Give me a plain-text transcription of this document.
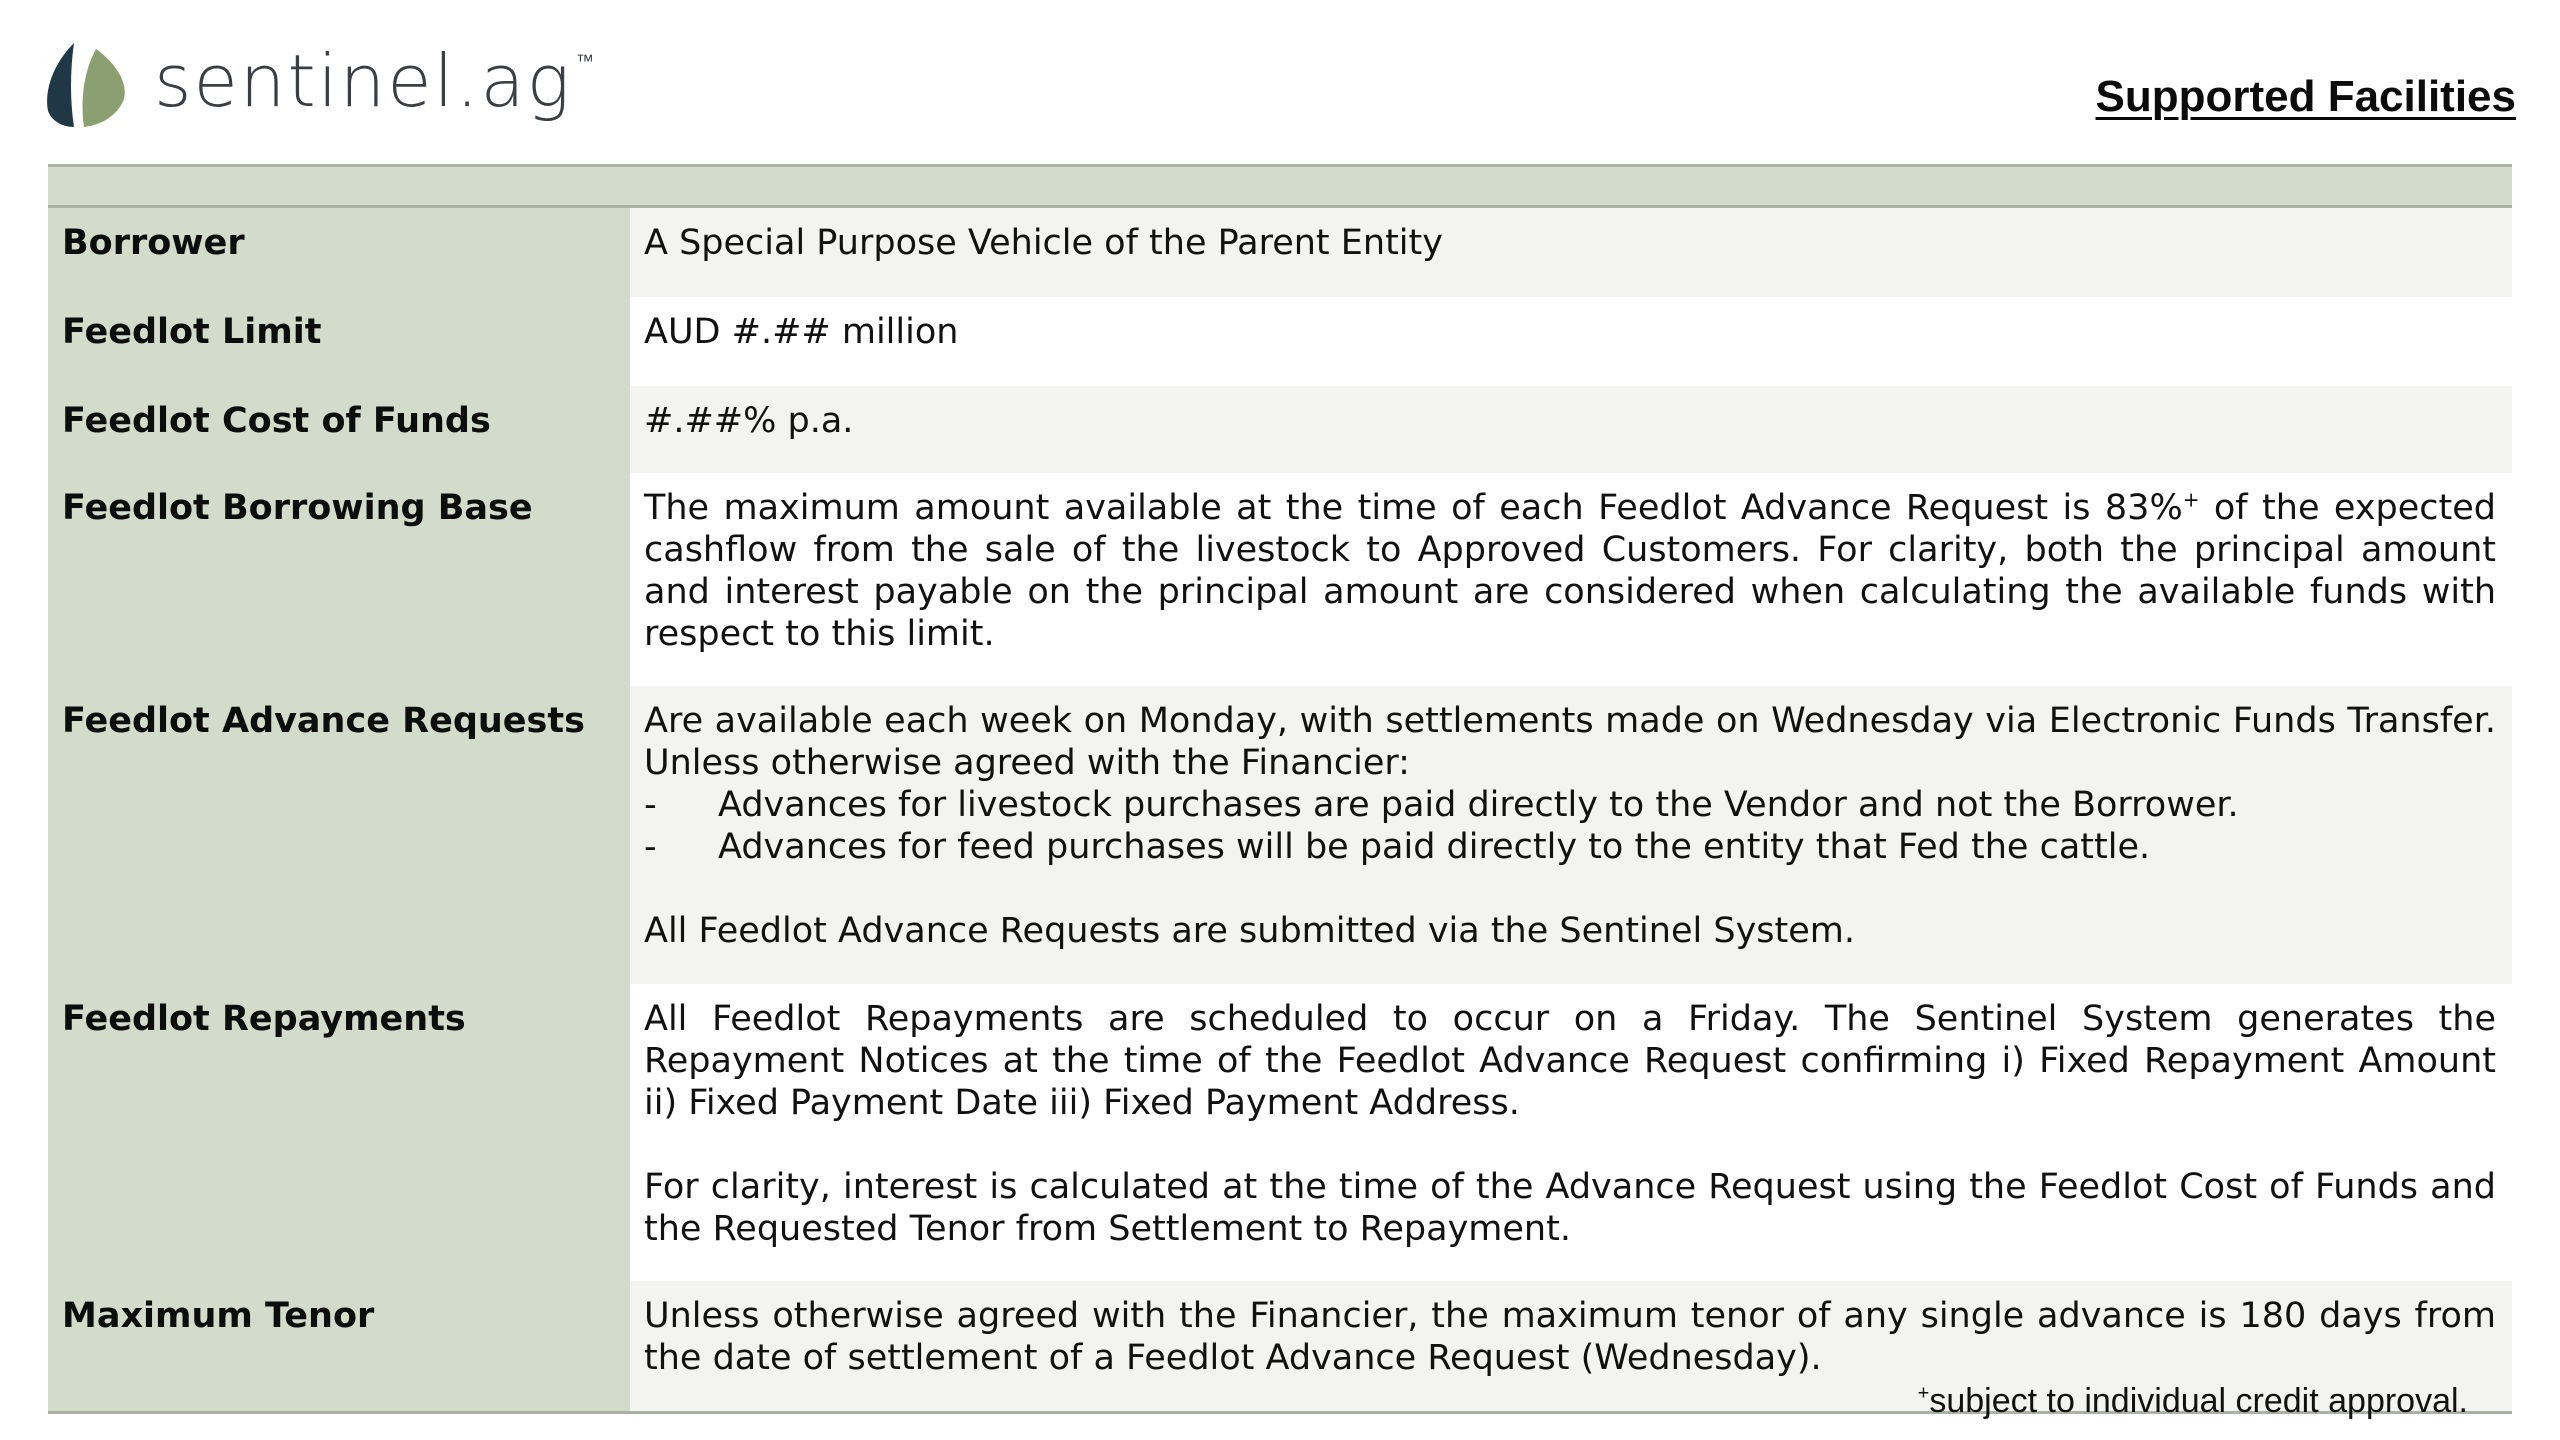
sentinel.ag ™
Supported Facilities
Borrower	A Special Purpose Vehicle of the Parent Entity
Feedlot Limit	AUD #.## million
Feedlot Cost of Funds	#.##% p.a.
Feedlot Borrowing Base	The maximum amount available at the time of each Feedlot Advance Request is 83%+ of the expected cashflow from the sale of the livestock to Approved Customers. For clarity, both the principal amount and interest payable on the principal amount are considered when calculating the available funds with respect to this limit.
Feedlot Advance Requests	Are available each week on Monday, with settlements made on Wednesday via Electronic Funds Transfer. Unless otherwise agreed with the Financier:

-	Advances for livestock purchases are paid directly to the Vendor and not the Borrower.
-	Advances for feed purchases will be paid directly to the entity that Fed the cattle.

All Feedlot Advance Requests are submitted via the Sentinel System.

Feedlot Repayments	All Feedlot Repayments are scheduled to occur on a Friday. The Sentinel System generates the Repayment Notices at the time of the Feedlot Advance Request confirming i) Fixed Repayment Amount ii) Fixed Payment Date iii) Fixed Payment Address.

For clarity, interest is calculated at the time of the Advance Request using the Feedlot Cost of Funds and the Requested Tenor from Settlement to Repayment.

Maximum Tenor	Unless otherwise agreed with the Financier, the maximum tenor of any single advance is 180 days from the date of settlement of a Feedlot Advance Request (Wednesday).
+subject to individual credit approval.
